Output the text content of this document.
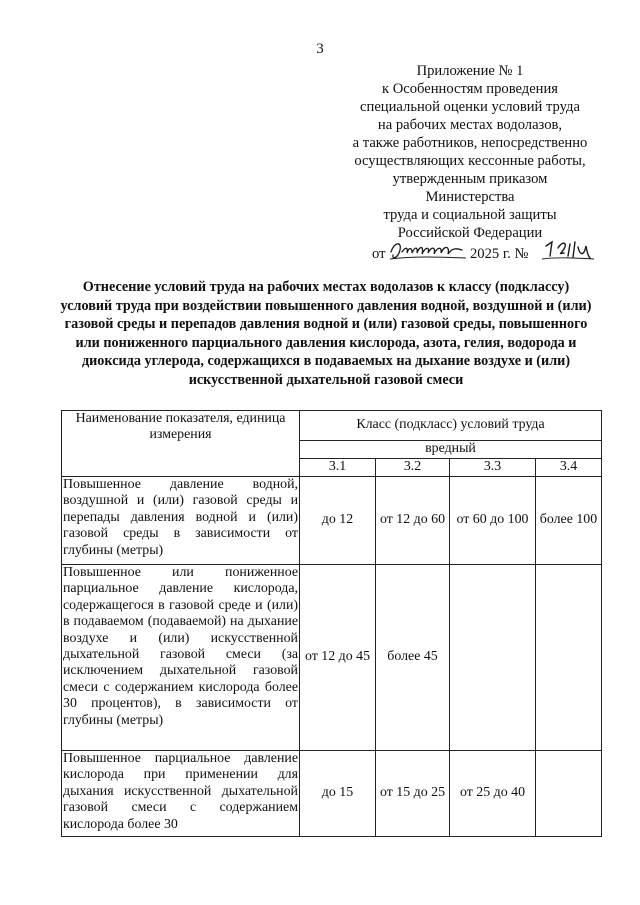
3
Приложение № 1
к Особенностям проведения
специальной оценки условий труда
на рабочих местах водолазов,
а также работников, непосредственно
осуществляющих кессонные работы,
утвержденным приказом
Министерства
труда и социальной защиты
Российской Федерации
от	2025 г. №
Отнесение условий труда на рабочих местах водолазов к классу (подклассу) условий труда при воздействии повышенного давления водной, воздушной и (или) газовой среды и перепадов давления водной и (или) газовой среды, повышенного или пониженного парциального давления кислорода, азота, гелия, водорода и диоксида углерода, содержащихся в подаваемых на дыхание воздухе и (или) искусственной дыхательной газовой смеси
Наименование показателя, единица измерения	Класс (подкласс) условий труда			
	вредный			
	3.1	3.2	3.3	3.4
Повышенное давление водной, воздушной и (или) газовой среды и перепады давления водной и (или) газовой среды в зависимости от глубины (метры)	до 12	от 12 до 60	от 60 до 100	более 100
Повышенное или пониженное парциальное давление кислорода, содержащегося в газовой среде и (или) в подаваемом (подаваемой) на дыхание воздухе и (или) искусственной дыхательной газовой смеси (за исключением дыхательной газовой смеси с содержанием кислорода более 30 процентов), в зависимости от глубины (метры)	от 12 до 45	более 45		
Повышенное парциальное давление кислорода при применении для дыхания искусственной дыхательной газовой смеси с содержанием кислорода более 30	до 15	от 15 до 25	от 25 до 40	
